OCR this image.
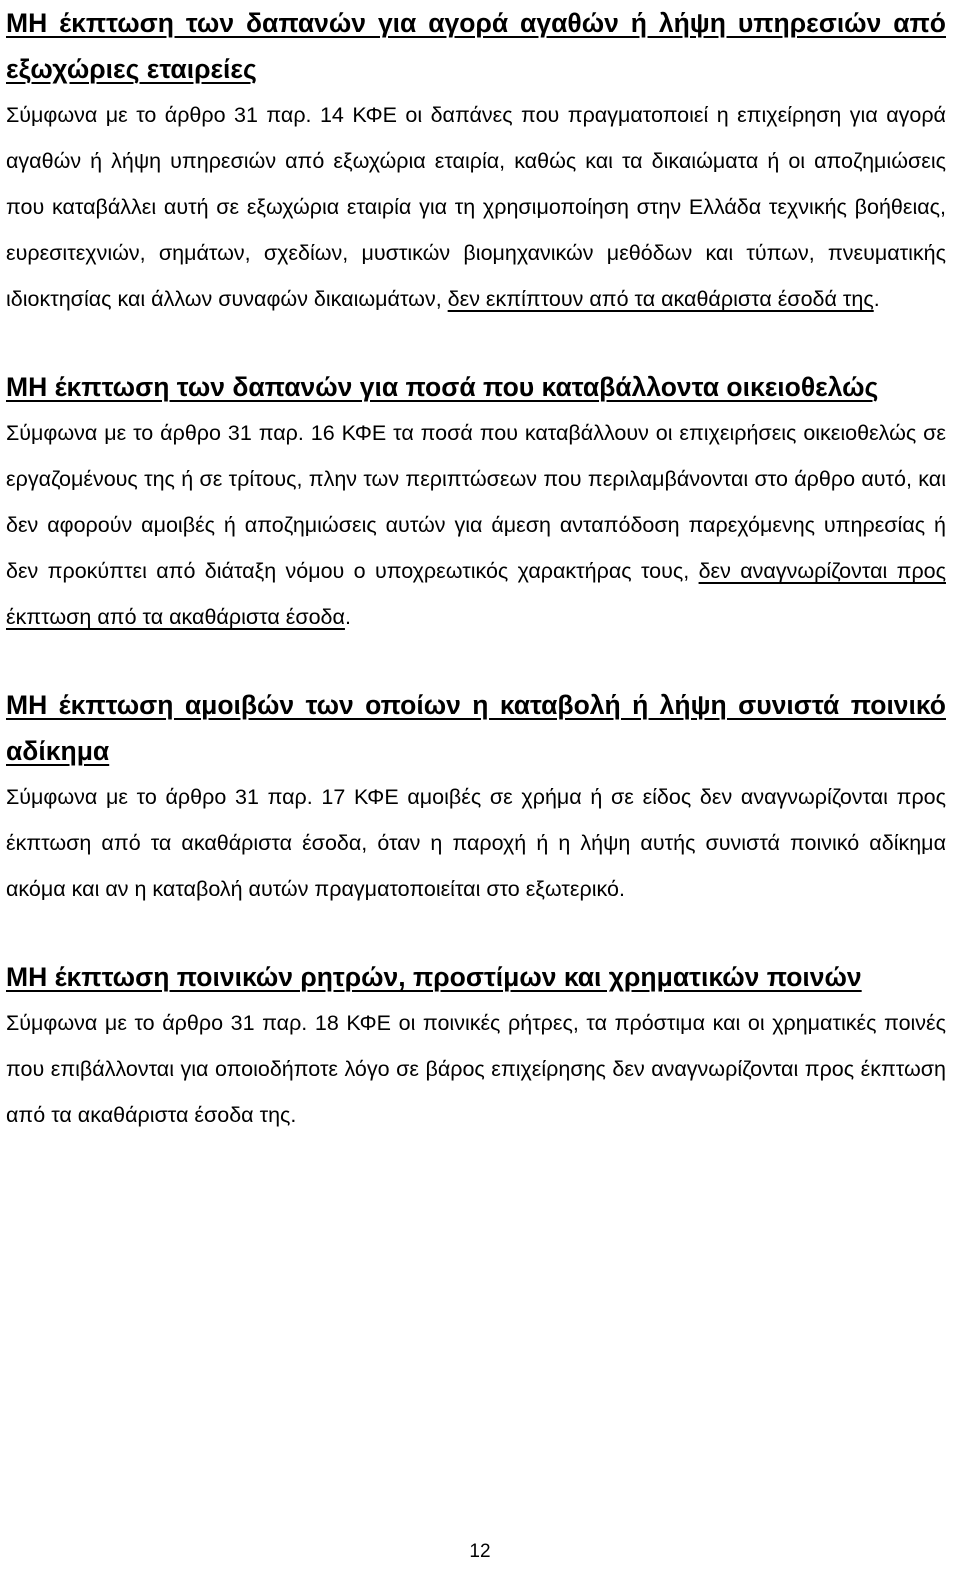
ΜΗ έκπτωση των δαπανών για αγορά αγαθών ή λήψη υπηρεσιών από εξωχώριες εταιρείες

Σύμφωνα με το άρθρο 31 παρ. 14 ΚΦΕ οι δαπάνες που πραγματοποιεί η επιχείρηση για αγορά αγαθών ή λήψη υπηρεσιών από εξωχώρια εταιρία, καθώς και τα δικαιώματα ή οι αποζημιώσεις που καταβάλλει αυτή σε εξωχώρια εταιρία για τη χρησιμοποίηση στην Ελλάδα τεχνικής βοήθειας, ευρεσιτεχνιών, σημάτων, σχεδίων, μυστικών βιομηχανικών μεθόδων και τύπων, πνευματικής ιδιοκτησίας και άλλων συναφών δικαιωμάτων, δεν εκπίπτουν από τα ακαθάριστα έσοδά της.

ΜΗ έκπτωση των δαπανών για ποσά που καταβάλλοντα οικειοθελώς

Σύμφωνα με το άρθρο 31 παρ. 16 ΚΦΕ τα ποσά που καταβάλλουν οι επιχειρήσεις οικειοθελώς σε εργαζομένους της ή σε τρίτους, πλην των περιπτώσεων που περιλαμβάνονται στο άρθρο αυτό, και δεν αφορούν αμοιβές ή αποζημιώσεις αυτών για άμεση ανταπόδοση παρεχόμενης υπηρεσίας ή δεν προκύπτει από διάταξη νόμου ο υποχρεωτικός χαρακτήρας τους, δεν αναγνωρίζονται προς έκπτωση από τα ακαθάριστα έσοδα.

ΜΗ έκπτωση αμοιβών των οποίων η καταβολή ή λήψη συνιστά ποινικό αδίκημα

Σύμφωνα με το άρθρο 31 παρ. 17 ΚΦΕ αμοιβές σε χρήμα ή σε είδος δεν αναγνωρίζονται προς έκπτωση από τα ακαθάριστα έσοδα, όταν η παροχή ή η λήψη αυτής συνιστά ποινικό αδίκημα ακόμα και αν η καταβολή αυτών πραγματοποιείται στο εξωτερικό.

ΜΗ έκπτωση ποινικών ρητρών, προστίμων και χρηματικών ποινών

Σύμφωνα με το άρθρο 31 παρ. 18 ΚΦΕ οι ποινικές ρήτρες, τα πρόστιμα και οι χρηματικές ποινές που επιβάλλονται για οποιοδήποτε λόγο σε βάρος επιχείρησης δεν αναγνωρίζονται προς έκπτωση από τα ακαθάριστα έσοδα της.

12
